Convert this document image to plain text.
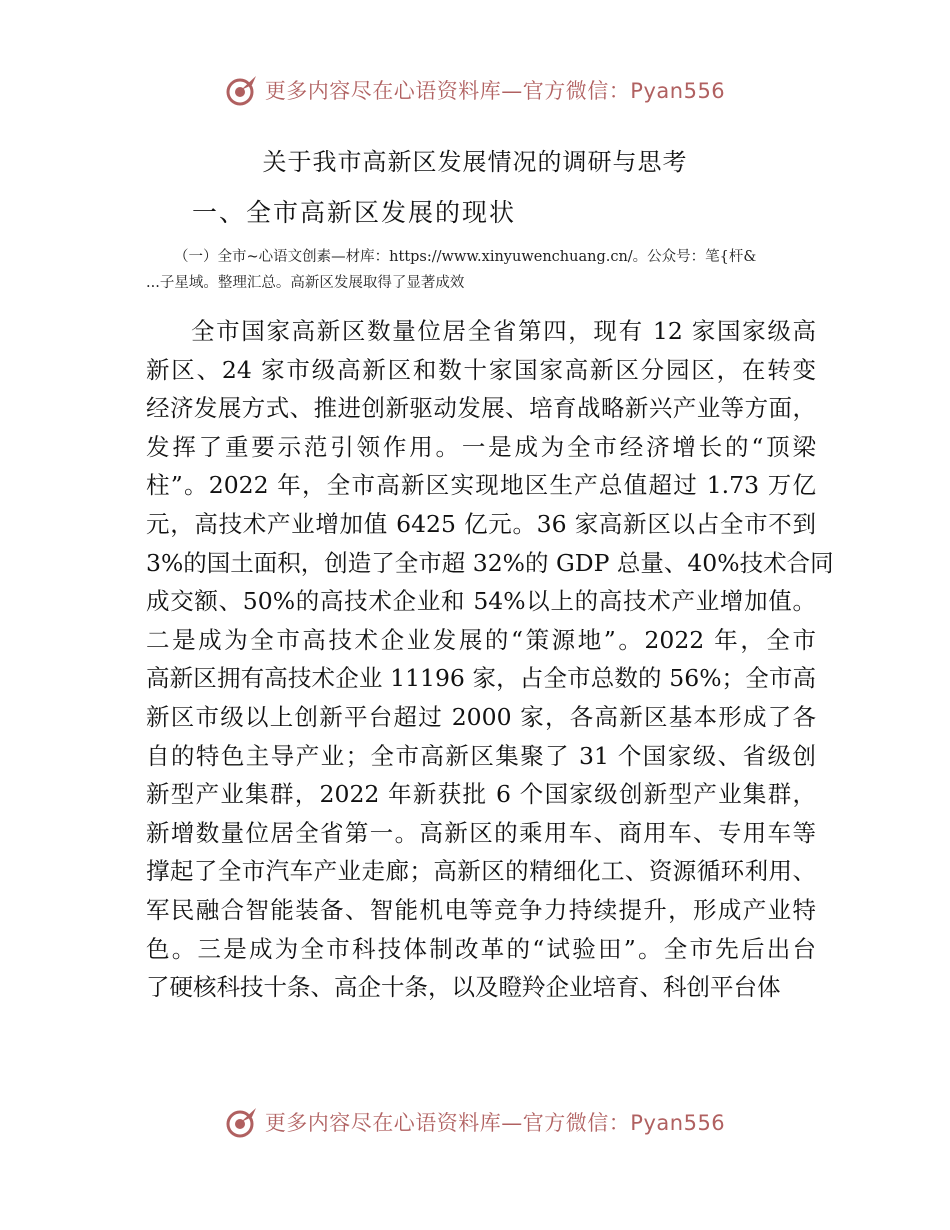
更多内容尽在心语资料库—官方微信：Pyan556
关于我市高新区发展情况的调研与思考
一、全市高新区发展的现状
（一）全市~心语文创素—材库：https://www.xinyuwenchuang.cn/。公众号：笔{杆&
...子星域。整理汇总。高新区发展取得了显著成效
全市国家高新区数量位居全省第四，现有 12 家国家级高
新区、24 家市级高新区和数十家国家高新区分园区，在转变
经济发展方式、推进创新驱动发展、培育战略新兴产业等方面，
发挥了重要示范引领作用。一是成为全市经济增长的“顶梁
柱”。2022 年，全市高新区实现地区生产总值超过 1.73 万亿
元，高技术产业增加值 6425 亿元。36 家高新区以占全市不到
3%的国土面积，创造了全市超 32%的 GDP 总量、40%技术合同
成交额、50%的高技术企业和 54%以上的高技术产业增加值。
二是成为全市高技术企业发展的“策源地”。2022 年，全市
高新区拥有高技术企业 11196 家，占全市总数的 56%；全市高
新区市级以上创新平台超过 2000 家，各高新区基本形成了各
自的特色主导产业；全市高新区集聚了 31 个国家级、省级创
新型产业集群，2022 年新获批 6 个国家级创新型产业集群，
新增数量位居全省第一。高新区的乘用车、商用车、专用车等
撑起了全市汽车产业走廊；高新区的精细化工、资源循环利用、
军民融合智能装备、智能机电等竞争力持续提升，形成产业特
色。三是成为全市科技体制改革的“试验田”。全市先后出台
了硬核科技十条、高企十条，以及瞪羚企业培育、科创平台体
更多内容尽在心语资料库—官方微信：Pyan556
